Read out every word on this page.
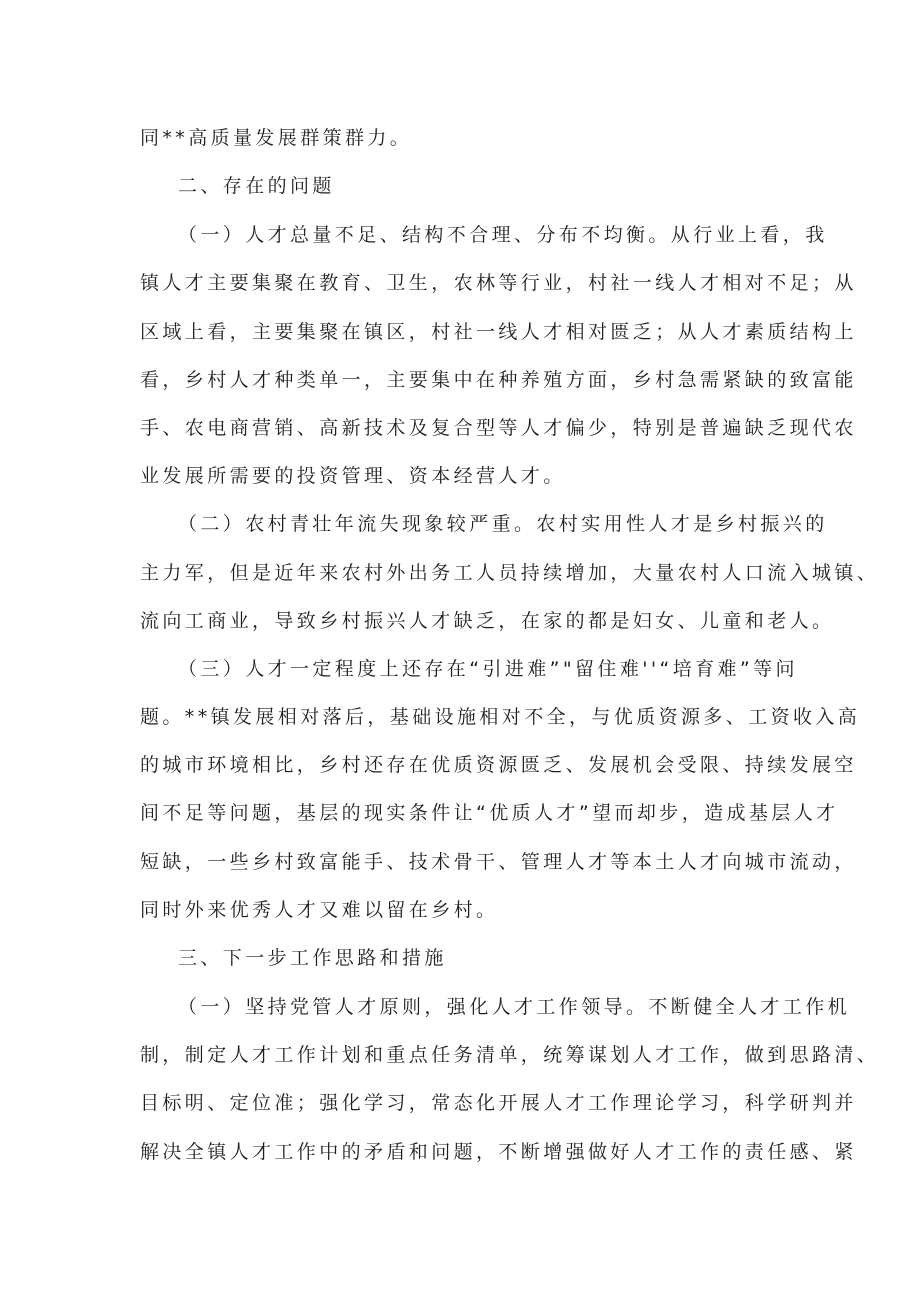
同**高质量发展群策群力。
二、存在的问题
（一）人才总量不足、结构不合理、分布不均衡。从行业上看，我
镇人才主要集聚在教育、卫生，农林等行业，村社一线人才相对不足；从
区域上看，主要集聚在镇区，村社一线人才相对匮乏；从人才素质结构上
看，乡村人才种类单一，主要集中在种养殖方面，乡村急需紧缺的致富能
手、农电商营销、高新技术及复合型等人才偏少，特别是普遍缺乏现代农
业发展所需要的投资管理、资本经营人才。
（二）农村青壮年流失现象较严重。农村实用性人才是乡村振兴的
主力军，但是近年来农村外出务工人员持续增加，大量农村人口流入城镇、
流向工商业，导致乡村振兴人才缺乏，在家的都是妇女、儿童和老人。
（三）人才一定程度上还存在“引进难”"留住难''“培育难”等问
题。**镇发展相对落后，基础设施相对不全，与优质资源多、工资收入高
的城市环境相比，乡村还存在优质资源匮乏、发展机会受限、持续发展空
间不足等问题，基层的现实条件让“优质人才”望而却步，造成基层人才
短缺，一些乡村致富能手、技术骨干、管理人才等本土人才向城市流动，
同时外来优秀人才又难以留在乡村。
三、下一步工作思路和措施
（一）坚持党管人才原则，强化人才工作领导。不断健全人才工作机
制，制定人才工作计划和重点任务清单，统筹谋划人才工作，做到思路清、
目标明、定位准；强化学习，常态化开展人才工作理论学习，科学研判并
解决全镇人才工作中的矛盾和问题，不断增强做好人才工作的责任感、紧
